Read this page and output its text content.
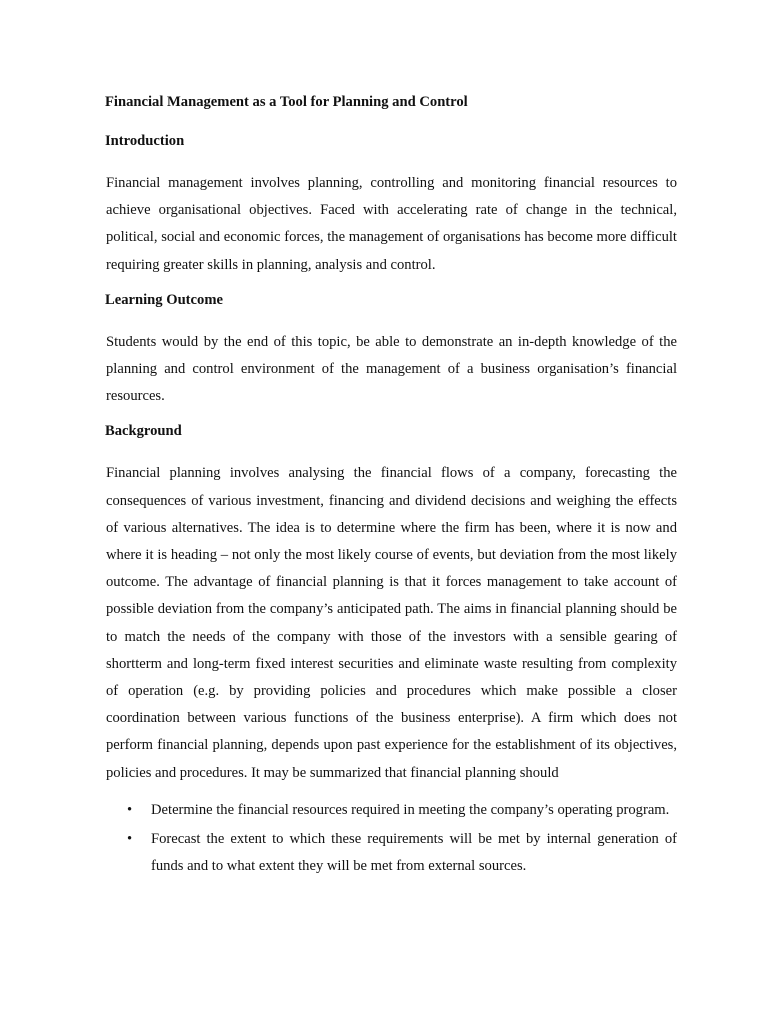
Financial Management as a Tool for Planning and Control
Introduction
Financial management involves planning, controlling and monitoring financial resources to achieve organisational objectives. Faced with accelerating rate of change in the technical, political, social and economic forces, the management of organisations has become more difficult requiring greater skills in planning, analysis and control.
Learning Outcome
Students would by the end of this topic, be able to demonstrate an in-depth knowledge of the planning and control environment of the management of a business organisation’s financial resources.
Background
Financial planning involves analysing the financial flows of a company, forecasting the consequences of various investment, financing and dividend decisions and weighing the effects of various alternatives. The idea is to determine where the firm has been, where it is now and where it is heading – not only the most likely course of events, but deviation from the most likely outcome. The advantage of financial planning is that it forces management to take account of possible deviation from the company’s anticipated path. The aims in financial planning should be to match the needs of the company with those of the investors with a sensible gearing of shortterm and long-term fixed interest securities and eliminate waste resulting from complexity of operation (e.g. by providing policies and procedures which make possible a closer coordination between various functions of the business enterprise). A firm which does not perform financial planning, depends upon past experience for the establishment of its objectives, policies and procedures. It may be summarized that financial planning should
• Determine the financial resources required in meeting the company’s operating program.
• Forecast the extent to which these requirements will be met by internal generation of funds and to what extent they will be met from external sources.
